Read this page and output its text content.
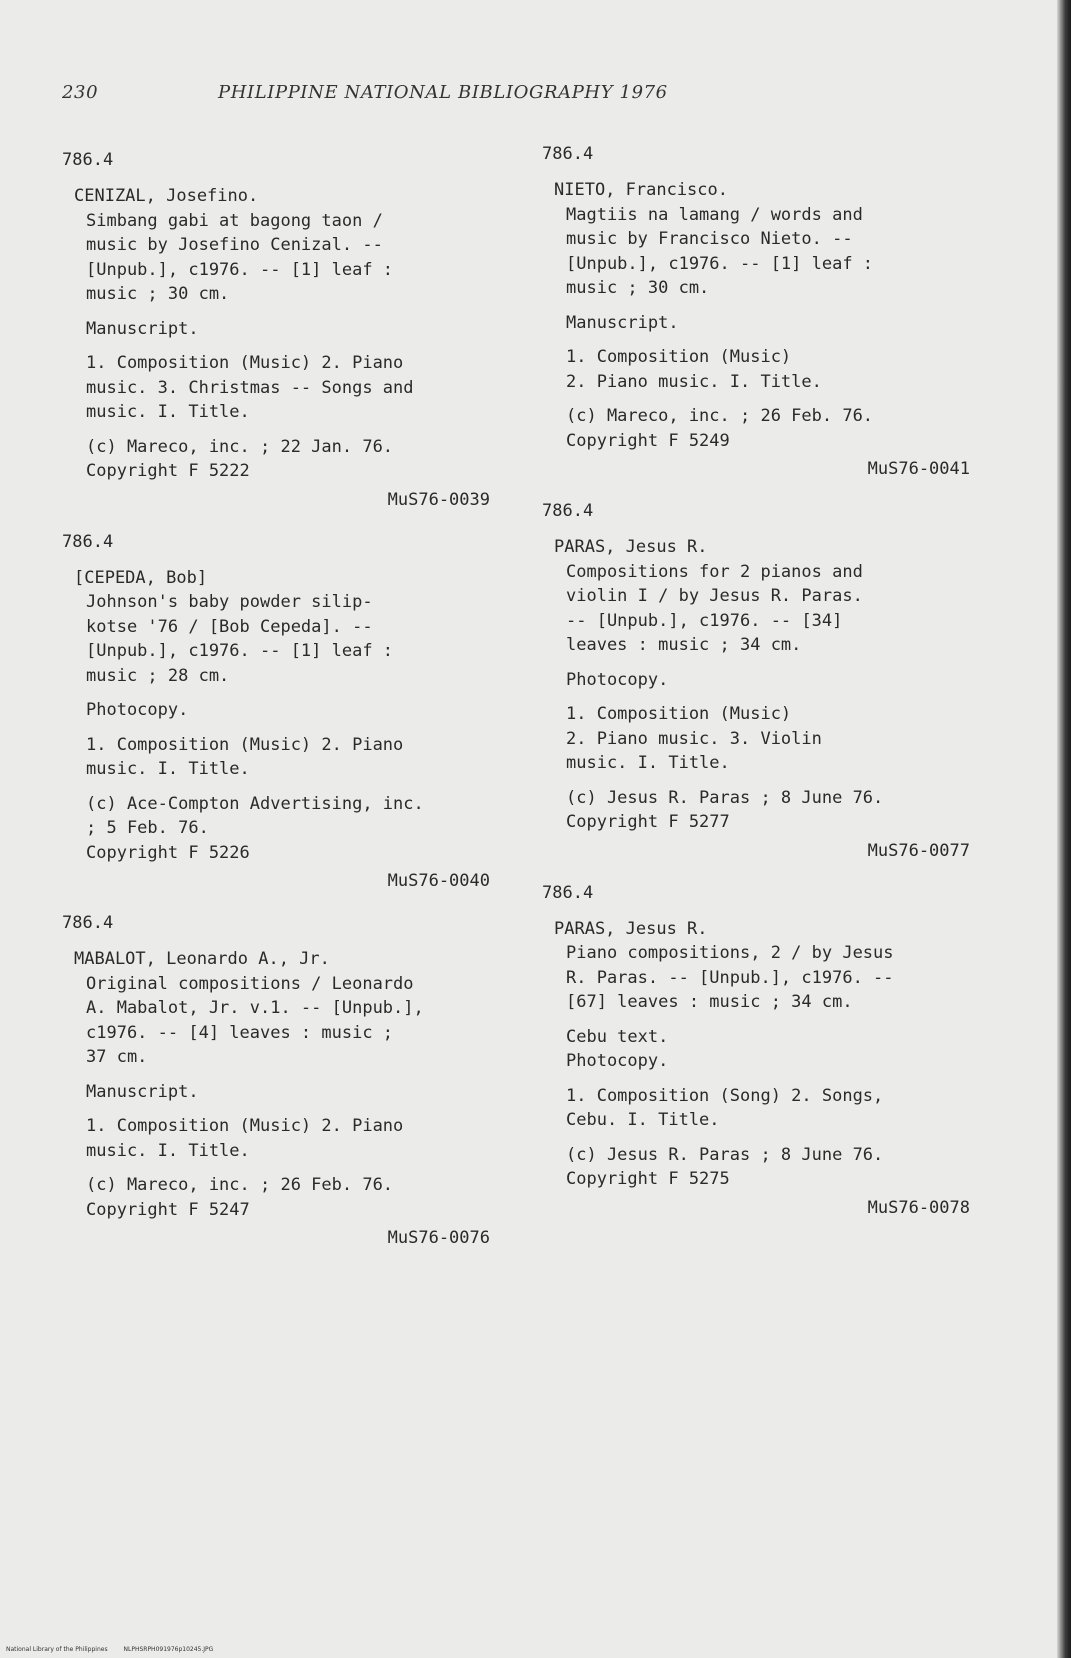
230	PHILIPPINE NATIONAL BIBLIOGRAPHY 1976
786.4
CENIZAL, Josefino.
Simbang gabi at bagong taon /
music by Josefino Cenizal. --
[Unpub.], c1976. -- [1] leaf :
music ; 30 cm.
Manuscript.
1. Composition (Music) 2. Piano
music. 3. Christmas -- Songs and
music. I. Title.
(c) Mareco, inc. ; 22 Jan. 76.
Copyright F 5222
MuS76-0039
786.4
[CEPEDA, Bob]
Johnson's baby powder silip-
kotse '76 / [Bob Cepeda]. --
[Unpub.], c1976. -- [1] leaf :
music ; 28 cm.
Photocopy.
1. Composition (Music) 2. Piano
music. I. Title.
(c) Ace-Compton Advertising, inc.
; 5 Feb. 76.
Copyright F 5226
MuS76-0040
786.4
MABALOT, Leonardo A., Jr.
Original compositions / Leonardo
A. Mabalot, Jr. v.1. -- [Unpub.],
c1976. -- [4] leaves : music ;
37 cm.
Manuscript.
1. Composition (Music) 2. Piano
music. I. Title.
(c) Mareco, inc. ; 26 Feb. 76.
Copyright F 5247
MuS76-0076
786.4
NIETO, Francisco.
Magtiis na lamang / words and
music by Francisco Nieto. --
[Unpub.], c1976. -- [1] leaf :
music ; 30 cm.
Manuscript.
1. Composition (Music)
2. Piano music. I. Title.
(c) Mareco, inc. ; 26 Feb. 76.
Copyright F 5249
MuS76-0041
786.4
PARAS, Jesus R.
Compositions for 2 pianos and
violin I / by Jesus R. Paras.
-- [Unpub.], c1976. -- [34]
leaves : music ; 34 cm.
Photocopy.
1. Composition (Music)
2. Piano music. 3. Violin
music. I. Title.
(c) Jesus R. Paras ; 8 June 76.
Copyright F 5277
MuS76-0077
786.4
PARAS, Jesus R.
Piano compositions, 2 / by Jesus
R. Paras. -- [Unpub.], c1976. --
[67] leaves : music ; 34 cm.
Cebu text.
Photocopy.
1. Composition (Song) 2. Songs,
Cebu. I. Title.
(c) Jesus R. Paras ; 8 June 76.
Copyright F 5275
MuS76-0078
National Library of the Philippines	NLPHSRPH091976p10245.JPG
